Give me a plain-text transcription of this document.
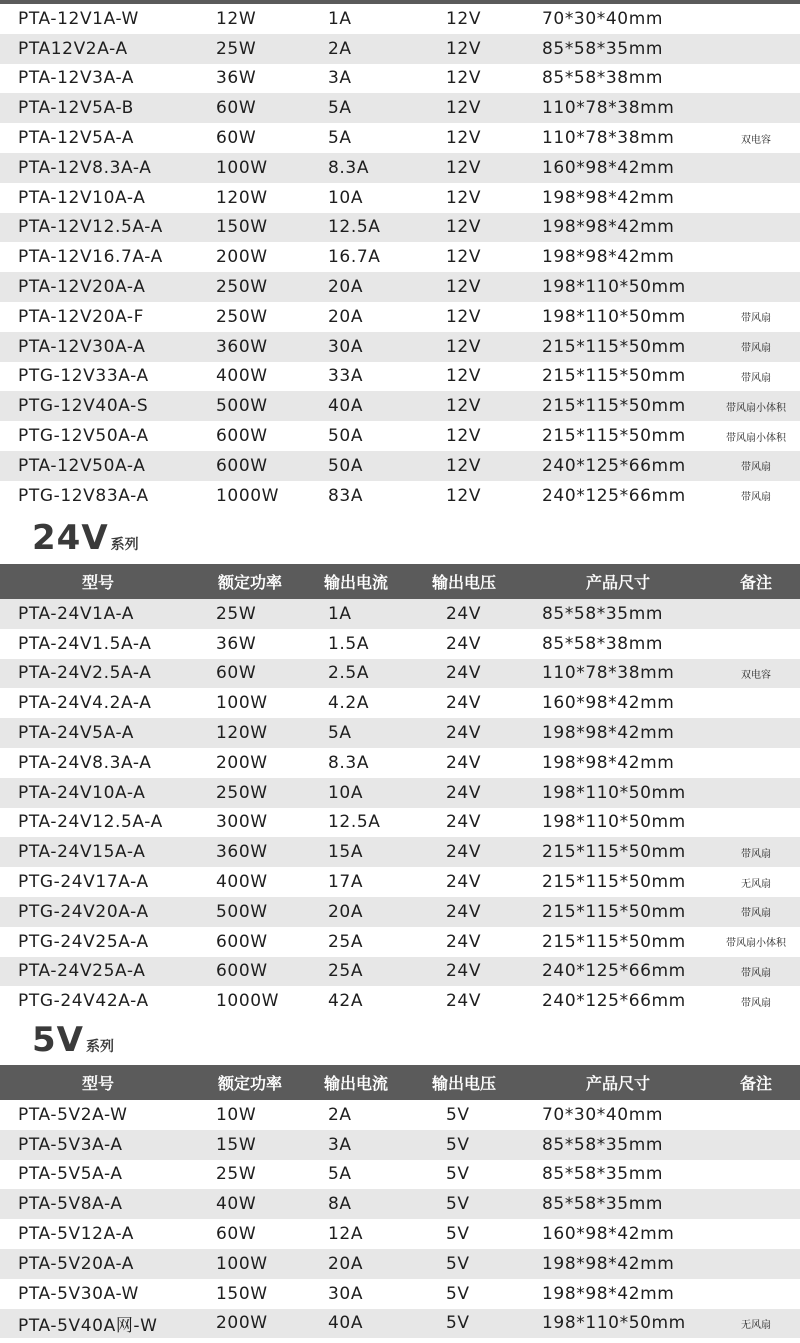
PTA-12V1A-W	12W	1A	12V	70*30*40mm
PTA12V2A-A	25W	2A	12V	85*58*35mm
PTA-12V3A-A	36W	3A	12V	85*58*38mm
PTA-12V5A-B	60W	5A	12V	110*78*38mm
PTA-12V5A-A	60W	5A	12V	110*78*38mm	双电容
PTA-12V8.3A-A	100W	8.3A	12V	160*98*42mm
PTA-12V10A-A	120W	10A	12V	198*98*42mm
PTA-12V12.5A-A	150W	12.5A	12V	198*98*42mm
PTA-12V16.7A-A	200W	16.7A	12V	198*98*42mm
PTA-12V20A-A	250W	20A	12V	198*110*50mm
PTA-12V20A-F	250W	20A	12V	198*110*50mm	带风扇
PTA-12V30A-A	360W	30A	12V	215*115*50mm	带风扇
PTG-12V33A-A	400W	33A	12V	215*115*50mm	带风扇
PTG-12V40A-S	500W	40A	12V	215*115*50mm	带风扇小体积
PTG-12V50A-A	600W	50A	12V	215*115*50mm	带风扇小体积
PTA-12V50A-A	600W	50A	12V	240*125*66mm	带风扇
PTG-12V83A-A	1000W	83A	12V	240*125*66mm	带风扇
24V 系列
型号	额定功率	输出电流	输出电压	产品尺寸	备注
PTA-24V1A-A	25W	1A	24V	85*58*35mm
PTA-24V1.5A-A	36W	1.5A	24V	85*58*38mm
PTA-24V2.5A-A	60W	2.5A	24V	110*78*38mm	双电容
PTA-24V4.2A-A	100W	4.2A	24V	160*98*42mm
PTA-24V5A-A	120W	5A	24V	198*98*42mm
PTA-24V8.3A-A	200W	8.3A	24V	198*98*42mm
PTA-24V10A-A	250W	10A	24V	198*110*50mm
PTA-24V12.5A-A	300W	12.5A	24V	198*110*50mm
PTA-24V15A-A	360W	15A	24V	215*115*50mm	带风扇
PTG-24V17A-A	400W	17A	24V	215*115*50mm	无风扇
PTG-24V20A-A	500W	20A	24V	215*115*50mm	带风扇
PTG-24V25A-A	600W	25A	24V	215*115*50mm	带风扇小体积
PTA-24V25A-A	600W	25A	24V	240*125*66mm	带风扇
PTG-24V42A-A	1000W	42A	24V	240*125*66mm	带风扇
5V 系列
型号	额定功率	输出电流	输出电压	产品尺寸	备注
PTA-5V2A-W	10W	2A	5V	70*30*40mm
PTA-5V3A-A	15W	3A	5V	85*58*35mm
PTA-5V5A-A	25W	5A	5V	85*58*35mm
PTA-5V8A-A	40W	8A	5V	85*58*35mm
PTA-5V12A-A	60W	12A	5V	160*98*42mm
PTA-5V20A-A	100W	20A	5V	198*98*42mm
PTA-5V30A-W	150W	30A	5V	198*98*42mm
PTA-5V40A网-W	200W	40A	5V	198*110*50mm	无风扇
